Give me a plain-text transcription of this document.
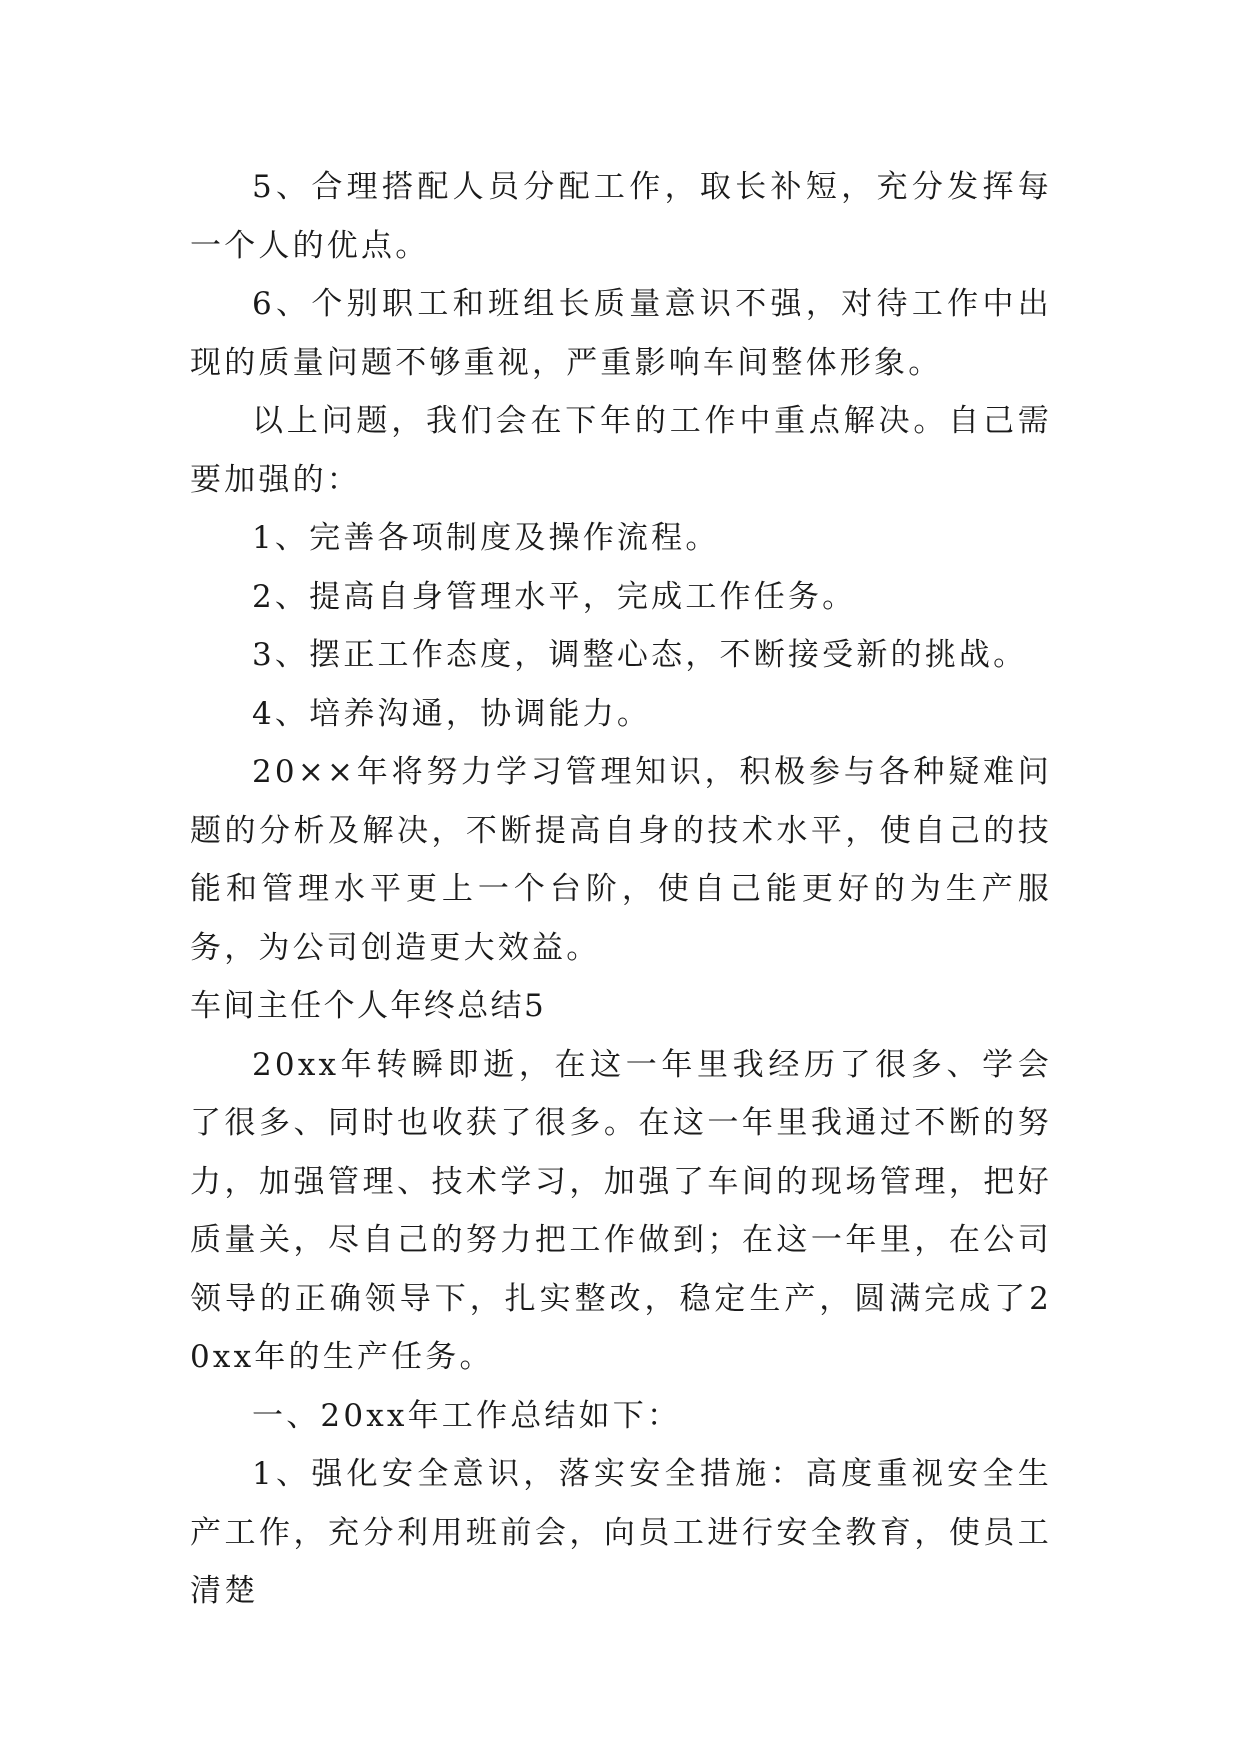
5、合理搭配人员分配工作，取长补短，充分发挥每一个人的优点。

6、个别职工和班组长质量意识不强，对待工作中出现的质量问题不够重视，严重影响车间整体形象。

以上问题，我们会在下年的工作中重点解决。自己需要加强的：

1、完善各项制度及操作流程。

2、提高自身管理水平，完成工作任务。

3、摆正工作态度，调整心态，不断接受新的挑战。

4、培养沟通，协调能力。

20××年将努力学习管理知识，积极参与各种疑难问题的分析及解决，不断提高自身的技术水平，使自己的技能和管理水平更上一个台阶，使自己能更好的为生产服务，为公司创造更大效益。

车间主任个人年终总结5

20xx年转瞬即逝，在这一年里我经历了很多、学会了很多、同时也收获了很多。在这一年里我通过不断的努力，加强管理、技术学习，加强了车间的现场管理，把好质量关，尽自己的努力把工作做到；在这一年里，在公司领导的正确领导下，扎实整改，稳定生产，圆满完成了20xx年的生产任务。

一、20xx年工作总结如下：

1、强化安全意识，落实安全措施：高度重视安全生产工作，充分利用班前会，向员工进行安全教育，使员工清楚
